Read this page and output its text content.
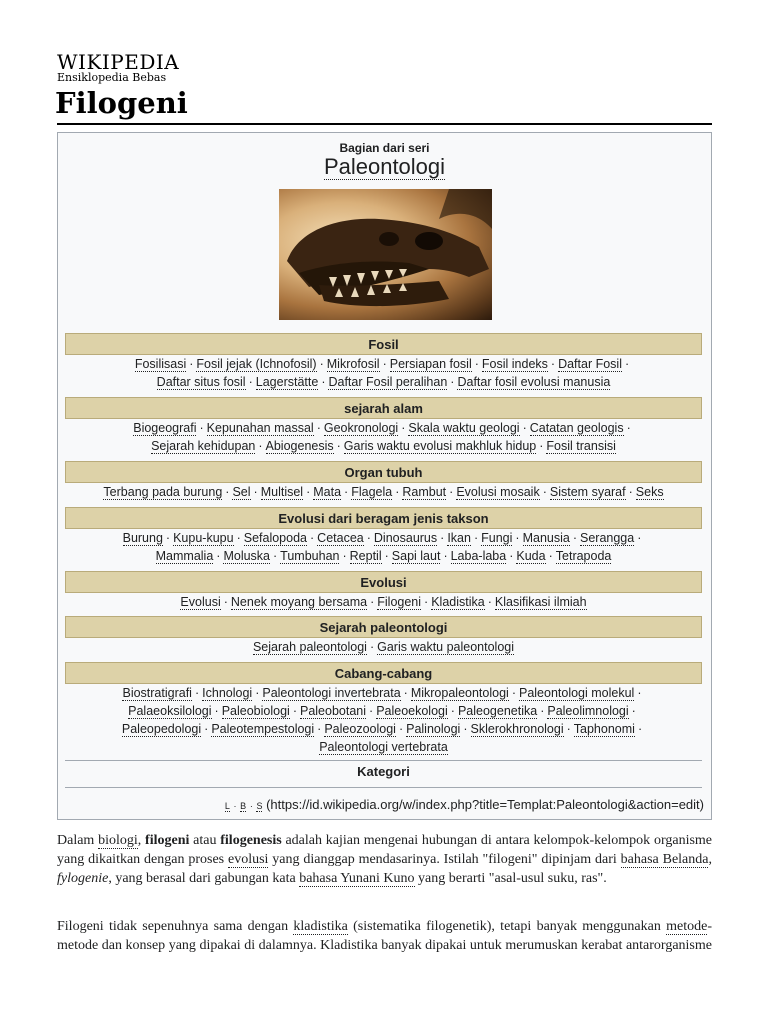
WIKIPEDIA
Ensiklopedia Bebas
Filogeni
Bagian dari seri
Paleontologi
Fosil
Fosilisasi · Fosil jejak (Ichnofosil) · Mikrofosil · Persiapan fosil · Fosil indeks · Daftar Fosil ·
Daftar situs fosil · Lagerstätte · Daftar Fosil peralihan · Daftar fosil evolusi manusia
sejarah alam
Biogeografi · Kepunahan massal · Geokronologi · Skala waktu geologi · Catatan geologis ·
Sejarah kehidupan · Abiogenesis · Garis waktu evolusi makhluk hidup · Fosil transisi
Organ tubuh
Terbang pada burung · Sel · Multisel · Mata · Flagela · Rambut · Evolusi mosaik · Sistem syaraf · Seks
Evolusi dari beragam jenis takson
Burung · Kupu-kupu · Sefalopoda · Cetacea · Dinosaurus · Ikan · Fungi · Manusia · Serangga ·
Mammalia · Moluska · Tumbuhan · Reptil · Sapi laut · Laba-laba · Kuda · Tetrapoda
Evolusi
Evolusi · Nenek moyang bersama · Filogeni · Kladistika · Klasifikasi ilmiah
Sejarah paleontologi
Sejarah paleontologi · Garis waktu paleontologi
Cabang-cabang
Biostratigrafi · Ichnologi · Paleontologi invertebrata · Mikropaleontologi · Paleontologi molekul ·
Palaeoksilologi · Paleobiologi · Paleobotani · Paleoekologi · Paleogenetika · Paleolimnologi ·
Paleopedologi · Paleotempestologi · Paleozoologi · Palinologi · Sklerokhronologi · Taphonomi ·
Paleontologi vertebrata
Kategori
L · B · S (https://id.wikipedia.org/w/index.php?title=Templat:Paleontologi&action=edit)

Dalam biologi, filogeni atau filogenesis adalah kajian mengenai hubungan di antara kelompok-kelompok organisme yang dikaitkan dengan proses evolusi yang dianggap mendasarinya. Istilah "filogeni" dipinjam dari bahasa Belanda, fylogenie, yang berasal dari gabungan kata bahasa Yunani Kuno yang berarti "asal-usul suku, ras".

Filogeni tidak sepenuhnya sama dengan kladistika (sistematika filogenetik), tetapi banyak menggunakan metode-metode dan konsep yang dipakai di dalamnya. Kladistika banyak dipakai untuk merumuskan kerabat antarorganisme
